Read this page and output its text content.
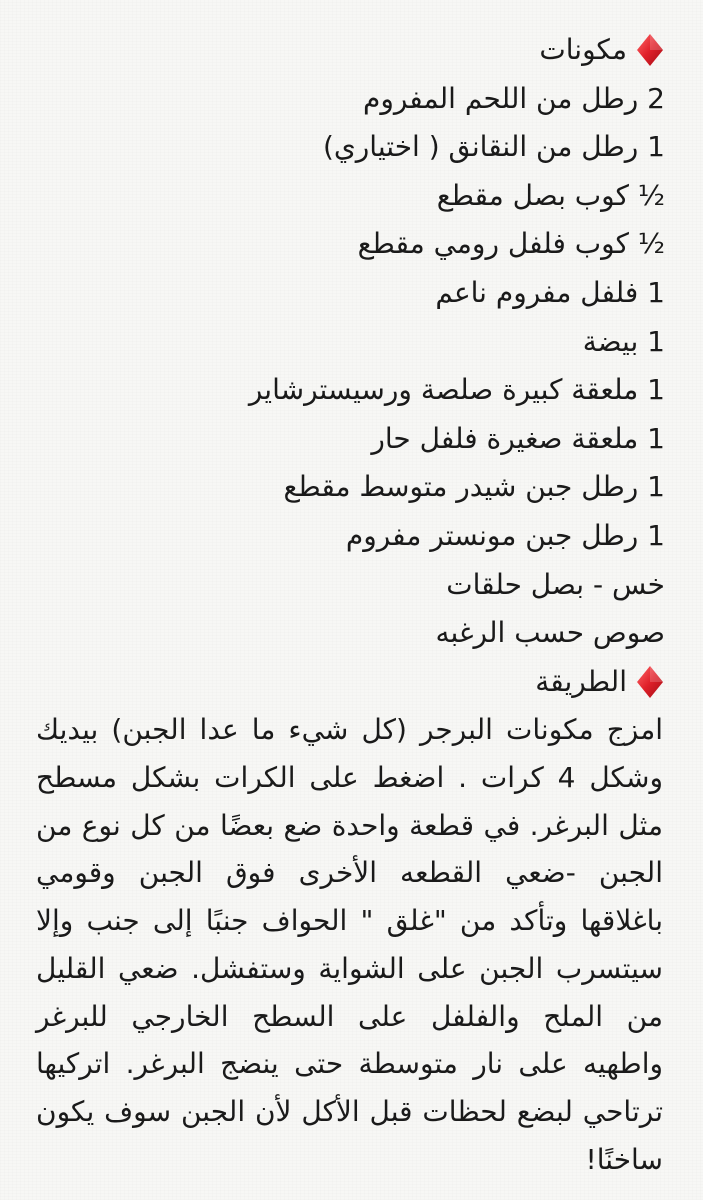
مكونات
2 رطل من اللحم المفروم
1 رطل من النقانق ( اختياري)
½ كوب بصل مقطع
½ كوب فلفل رومي مقطع
1 فلفل مفروم ناعم
1 بيضة
1 ملعقة كبيرة صلصة ورسيسترشاير
1 ملعقة صغيرة فلفل حار
1 رطل جبن شيدر متوسط مقطع
1 رطل جبن مونستر مفروم
خس - بصل حلقات
صوص حسب الرغبه
الطريقة
امزج مكونات البرجر (كل شيء ما عدا الجبن) بيديك وشكل 4 كرات . اضغط على الكرات بشكل مسطح مثل البرغر. في قطعة واحدة ضع بعضًا من كل نوع من الجبن -ضعي القطعه الأخرى فوق الجبن وقومي باغلاقها وتأكد من "غلق " الحواف جنبًا إلى جنب وإلا سيتسرب الجبن على الشواية وستفشل. ضعي القليل من الملح والفلفل على السطح الخارجي للبرغر واطهيه على نار متوسطة حتى ينضج البرغر. اتركيها ترتاحي لبضع لحظات قبل الأكل لأن الجبن سوف يكون ساخنًا!
